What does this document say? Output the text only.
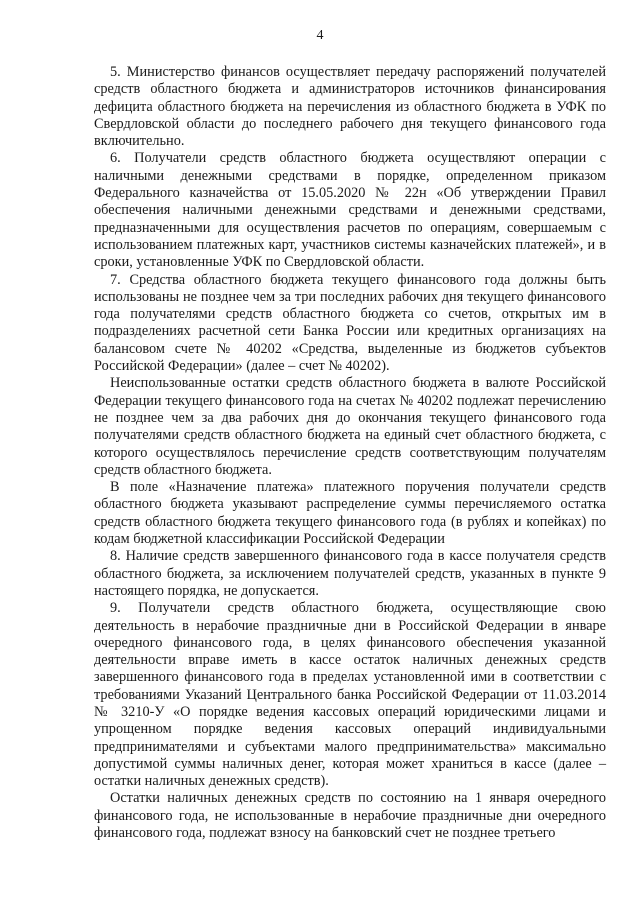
4

5. Министерство финансов осуществляет передачу распоряжений получателей средств областного бюджета и администраторов источников финансирования дефицита областного бюджета на перечисления из областного бюджета в УФК по Свердловской области до последнего рабочего дня текущего финансового года включительно.

6. Получатели средств областного бюджета осуществляют операции с наличными денежными средствами в порядке, определенном приказом Федерального казначейства от 15.05.2020 № 22н «Об утверждении Правил обеспечения наличными денежными средствами и денежными средствами, предназначенными для осуществления расчетов по операциям, совершаемым с использованием платежных карт, участников системы казначейских платежей», и в сроки, установленные УФК по Свердловской области.

7. Средства областного бюджета текущего финансового года должны быть использованы не позднее чем за три последних рабочих дня текущего финансового года получателями средств областного бюджета со счетов, открытых им в подразделениях расчетной сети Банка России или кредитных организациях на балансовом счете № 40202 «Средства, выделенные из бюджетов субъектов Российской Федерации» (далее – счет № 40202).

Неиспользованные остатки средств областного бюджета в валюте Российской Федерации текущего финансового года на счетах № 40202 подлежат перечислению не позднее чем за два рабочих дня до окончания текущего финансового года получателями средств областного бюджета на единый счет областного бюджета, с которого осуществлялось перечисление средств соответствующим получателям средств областного бюджета.

В поле «Назначение платежа» платежного поручения получатели средств областного бюджета указывают распределение суммы перечисляемого остатка средств областного бюджета текущего финансового года (в рублях и копейках) по кодам бюджетной классификации Российской Федерации

8. Наличие средств завершенного финансового года в кассе получателя средств областного бюджета, за исключением получателей средств, указанных в пункте 9 настоящего порядка, не допускается.

9. Получатели средств областного бюджета, осуществляющие свою деятельность в нерабочие праздничные дни в Российской Федерации в январе очередного финансового года, в целях финансового обеспечения указанной деятельности вправе иметь в кассе остаток наличных денежных средств завершенного финансового года в пределах установленной ими в соответствии с требованиями Указаний Центрального банка Российской Федерации от 11.03.2014 № 3210-У «О порядке ведения кассовых операций юридическими лицами и упрощенном порядке ведения кассовых операций индивидуальными предпринимателями и субъектами малого предпринимательства» максимально допустимой суммы наличных денег, которая может храниться в кассе (далее – остатки наличных денежных средств).

Остатки наличных денежных средств по состоянию на 1 января очередного финансового года, не использованные в нерабочие праздничные дни очередного финансового года, подлежат взносу на банковский счет не позднее третьего
